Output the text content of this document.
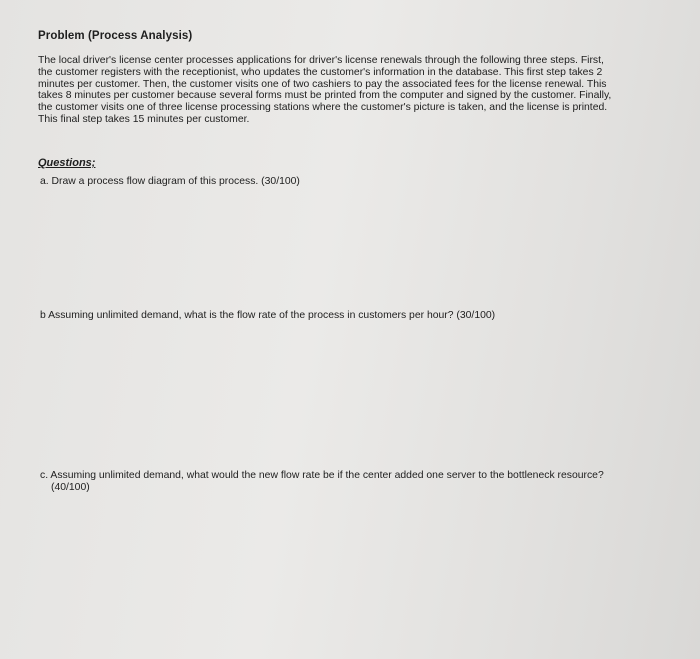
Problem (Process Analysis)
The local driver's license center processes applications for driver's license renewals through the following three steps. First,
the customer registers with the receptionist, who updates the customer's information in the database. This first step takes 2
minutes per customer. Then, the customer visits one of two cashiers to pay the associated fees for the license renewal. This
takes 8 minutes per customer because several forms must be printed from the computer and signed by the customer. Finally,
the customer visits one of three license processing stations where the customer's picture is taken, and the license is printed.
This final step takes 15 minutes per customer.
Questions;
a. Draw a process flow diagram of this process. (30/100)
b Assuming unlimited demand, what is the flow rate of the process in customers per hour? (30/100)
c. Assuming unlimited demand, what would the new flow rate be if the center added one server to the bottleneck resource?
(40/100)
